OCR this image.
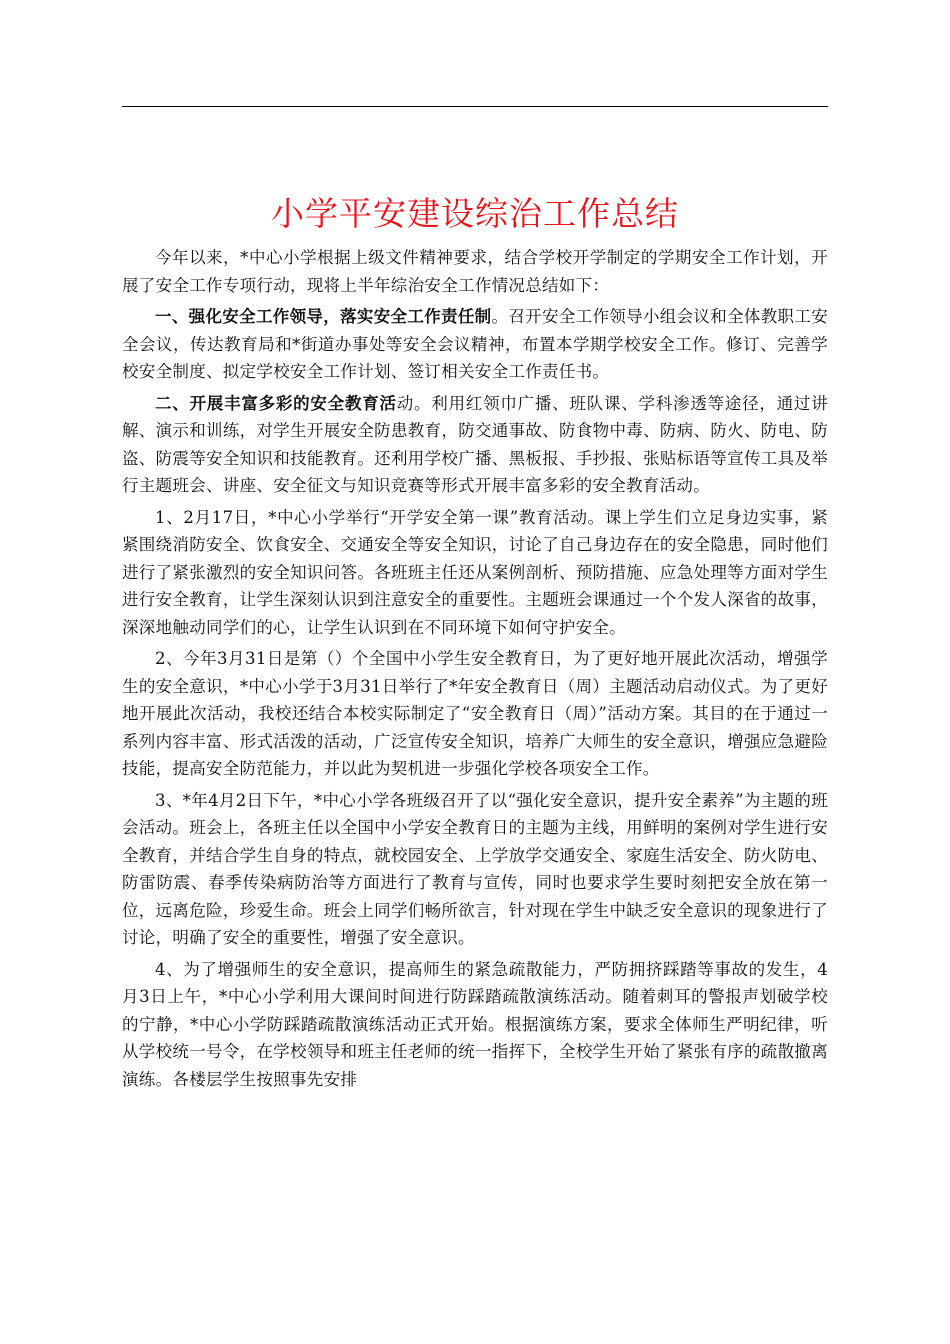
小学平安建设综治工作总结

今年以来，*中心小学根据上级文件精神要求，结合学校开学制定的学期安全工作计划，开展了安全工作专项行动，现将上半年综治安全工作情况总结如下：

一、强化安全工作领导，落实安全工作责任制。召开安全工作领导小组会议和全体教职工安全会议，传达教育局和*街道办事处等安全会议精神，布置本学期学校安全工作。修订、完善学校安全制度、拟定学校安全工作计划、签订相关安全工作责任书。

二、开展丰富多彩的安全教育活动。利用红领巾广播、班队课、学科渗透等途径，通过讲解、演示和训练，对学生开展安全防患教育，防交通事故、防食物中毒、防病、防火、防电、防盗、防震等安全知识和技能教育。还利用学校广播、黑板报、手抄报、张贴标语等宣传工具及举行主题班会、讲座、安全征文与知识竞赛等形式开展丰富多彩的安全教育活动。

1、2月17日，*中心小学举行“开学安全第一课”教育活动。课上学生们立足身边实事，紧紧围绕消防安全、饮食安全、交通安全等安全知识，讨论了自己身边存在的安全隐患，同时他们进行了紧张激烈的安全知识问答。各班班主任还从案例剖析、预防措施、应急处理等方面对学生进行安全教育，让学生深刻认识到注意安全的重要性。主题班会课通过一个个发人深省的故事，深深地触动同学们的心，让学生认识到在不同环境下如何守护安全。

2、今年3月31日是第（）个全国中小学生安全教育日，为了更好地开展此次活动，增强学生的安全意识，*中心小学于3月31日举行了*年安全教育日（周）主题活动启动仪式。为了更好地开展此次活动，我校还结合本校实际制定了“安全教育日（周）”活动方案。其目的在于通过一系列内容丰富、形式活泼的活动，广泛宣传安全知识，培养广大师生的安全意识，增强应急避险技能，提高安全防范能力，并以此为契机进一步强化学校各项安全工作。

3、*年4月2日下午，*中心小学各班级召开了以“强化安全意识，提升安全素养”为主题的班会活动。班会上，各班主任以全国中小学安全教育日的主题为主线，用鲜明的案例对学生进行安全教育，并结合学生自身的特点，就校园安全、上学放学交通安全、家庭生活安全、防火防电、防雷防震、春季传染病防治等方面进行了教育与宣传，同时也要求学生要时刻把安全放在第一位，远离危险，珍爱生命。班会上同学们畅所欲言，针对现在学生中缺乏安全意识的现象进行了讨论，明确了安全的重要性，增强了安全意识。

4、为了增强师生的安全意识，提高师生的紧急疏散能力，严防拥挤踩踏等事故的发生，4月3日上午，*中心小学利用大课间时间进行防踩踏疏散演练活动。随着刺耳的警报声划破学校的宁静，*中心小学防踩踏疏散演练活动正式开始。根据演练方案，要求全体师生严明纪律，听从学校统一号令，在学校领导和班主任老师的统一指挥下，全校学生开始了紧张有序的疏散撤离演练。各楼层学生按照事先安排
